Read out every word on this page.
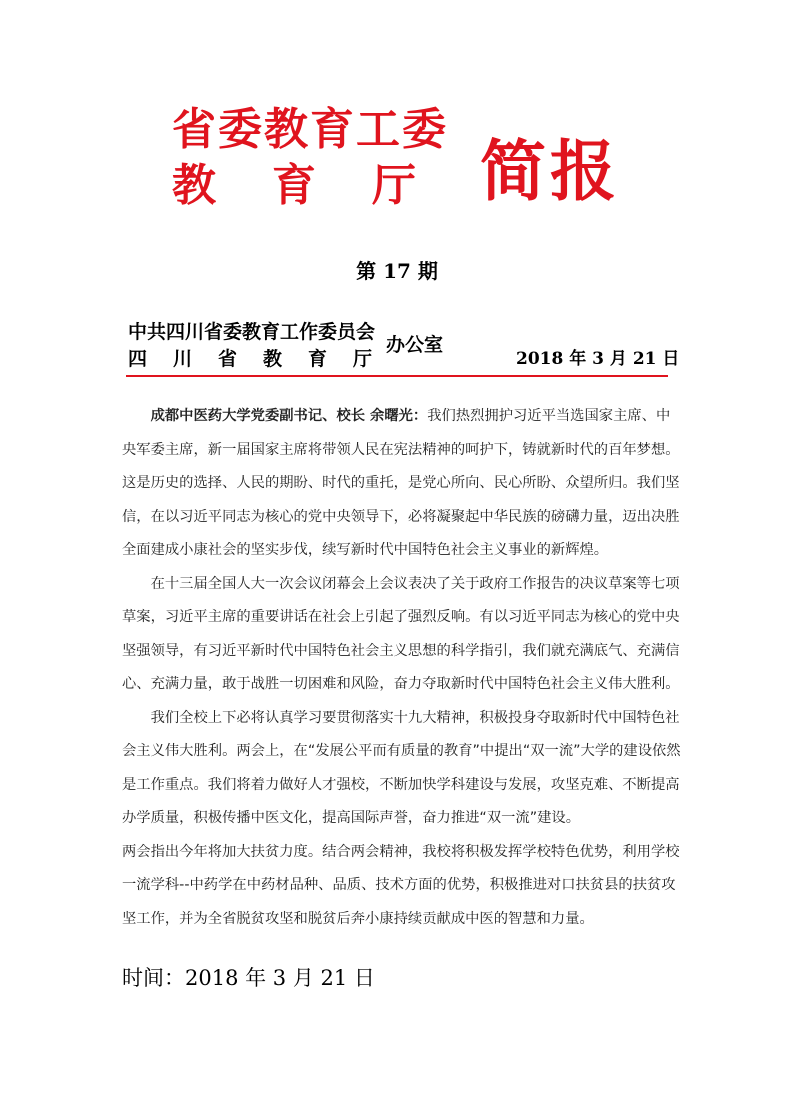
省委教育工委
教 育 厅 简报
第 17 期
中共四川省委教育工作委员会
四 川 省 教 育 厅
办公室
2018 年 3 月 21 日

成都中医药大学党委副书记、校长 余曙光：我们热烈拥护习近平当选国家主席、中央军委主席，新一届国家主席将带领人民在宪法精神的呵护下，铸就新时代的百年梦想。这是历史的选择、人民的期盼、时代的重托，是党心所向、民心所盼、众望所归。我们坚信，在以习近平同志为核心的党中央领导下，必将凝聚起中华民族的磅礴力量，迈出决胜全面建成小康社会的坚实步伐，续写新时代中国特色社会主义事业的新辉煌。

在十三届全国人大一次会议闭幕会上会议表决了关于政府工作报告的决议草案等七项草案，习近平主席的重要讲话在社会上引起了强烈反响。有以习近平同志为核心的党中央坚强领导，有习近平新时代中国特色社会主义思想的科学指引，我们就充满底气、充满信心、充满力量，敢于战胜一切困难和风险，奋力夺取新时代中国特色社会主义伟大胜利。

我们全校上下必将认真学习要贯彻落实十九大精神，积极投身夺取新时代中国特色社会主义伟大胜利。两会上，在“发展公平而有质量的教育”中提出“双一流”大学的建设依然是工作重点。我们将着力做好人才强校，不断加快学科建设与发展，攻坚克难、不断提高办学质量，积极传播中医文化，提高国际声誉，奋力推进“双一流”建设。

两会指出今年将加大扶贫力度。结合两会精神，我校将积极发挥学校特色优势，利用学校一流学科--中药学在中药材品种、品质、技术方面的优势，积极推进对口扶贫县的扶贫攻坚工作，并为全省脱贫攻坚和脱贫后奔小康持续贡献成中医的智慧和力量。

时间：2018 年 3 月 21 日
